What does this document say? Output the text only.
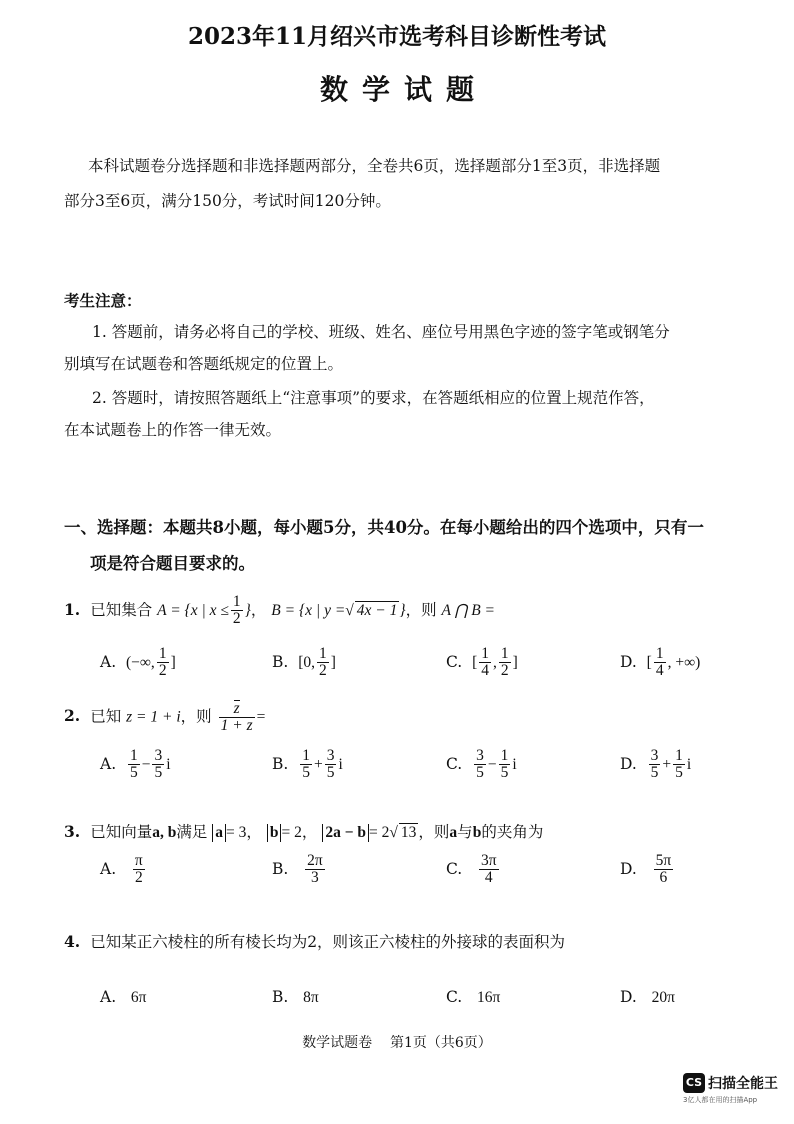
2023年11月绍兴市选考科目诊断性考试
数学试题
本科试题卷分选择题和非选择题两部分，全卷共6页，选择题部分1至3页，非选择题
部分3至6页，满分150分，考试时间120分钟。
考生注意：
1. 答题前，请务必将自己的学校、班级、姓名、座位号用黑色字迹的签字笔或钢笔分
别填写在试题卷和答题纸规定的位置上。
2. 答题时，请按照答题纸上“注意事项”的要求，在答题纸相应的位置上规范作答，
在本试题卷上的作答一律无效。
一、选择题：本题共8小题，每小题5分，共40分。在每小题给出的四个选项中，只有一
项是符合题目要求的。
1. 已知集合 A = {x | $x \le \frac{1}{2}$ }， B = {x | y =√ 4x − 1 }，则 A ⋂ B =
A. (−∞, $\frac{1}{2}$ ]	B. [0, $\frac{1}{2}$ ]	C. [ $\frac{1}{4}$ , $\frac{1}{2}$ ]	D. [ $\frac{1}{4}$ , +∞)
2. 已知 z = 1 + i，则 $\frac{z}{1 + z}$ =
A. $\frac{1}{5} - \frac{3}{5}$ i	B. $\frac{1}{5} + \frac{3}{5}$ i	C. $\frac{3}{5} - \frac{1}{5}$ i	D. $\frac{3}{5} + \frac{1}{5}$ i
3. 已知向量a, b满足 a = 3， b = 2， 2a − b = 2√ 13 ，则a与b的夹角为
A. $\frac{\pi}{2}$	B. $\frac{2\pi}{3}$	C. $\frac{3\pi}{4}$	D. $\frac{5\pi}{6}$
4. 已知某正六棱柱的所有棱长均为2，则该正六棱柱的外接球的表面积为
A. 6π	B. 8π	C. 16π	D. 20π
数学试题卷    第1页（共6页）
CS 扫描全能王
3亿人都在用的扫描App
